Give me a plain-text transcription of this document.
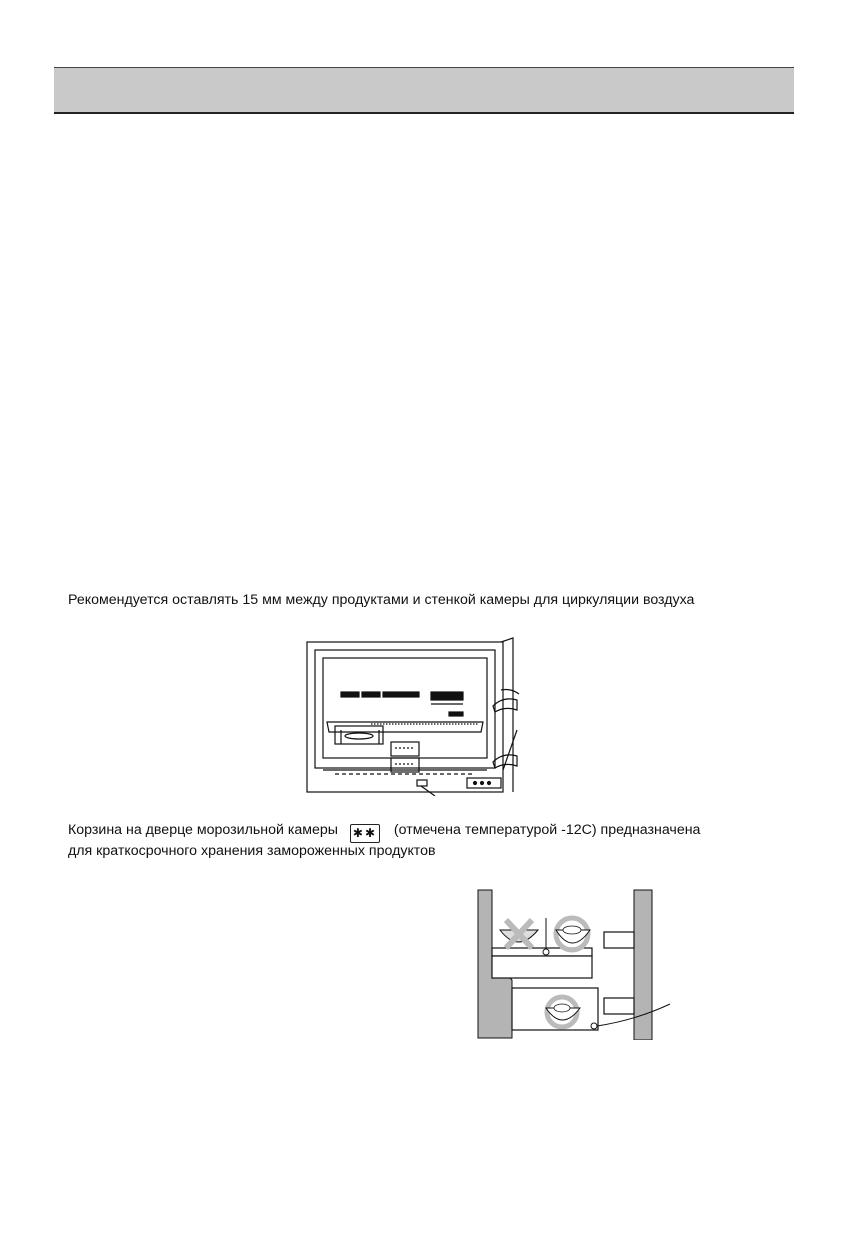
Рекомендуется оставлять 15 мм между продуктами и стенкой камеры для циркуляции воздуха

Корзина на дверце морозильной камеры ✱✱ (отмечена температурой -12С) предназначена
для краткосрочного хранения замороженных продуктов
